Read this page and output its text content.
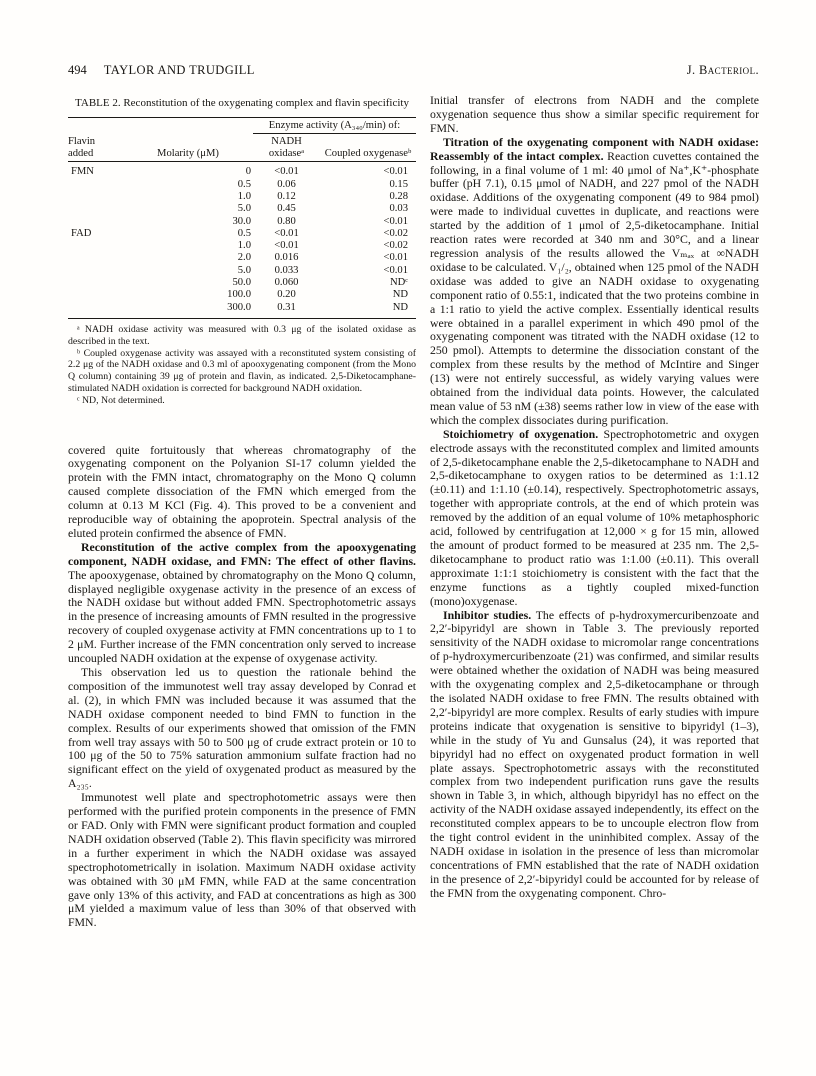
494 TAYLOR AND TRUDGILL	J. Bacteriol.
TABLE 2. Reconstitution of the oxygenating complex and flavin specificity
Flavin added	Molarity (μM)	Enzyme activity (A₃₄₀/min) of:	
		NADH oxidaseᵃ	Coupled oxygenaseᵇ
FMN	0	<0.01	<0.01
	0.5	0.06	0.15
	1.0	0.12	0.28
	5.0	0.45	0.03
	30.0	0.80	<0.01
FAD	0.5	<0.01	<0.02
	1.0	<0.01	<0.02
	2.0	0.016	<0.01
	5.0	0.033	<0.01
	50.0	0.060	NDᶜ
	100.0	0.20	ND
	300.0	0.31	ND

ᵃ NADH oxidase activity was measured with 0.3 μg of the isolated oxidase as described in the text.

ᵇ Coupled oxygenase activity was assayed with a reconstituted system consisting of 2.2 μg of the NADH oxidase and 0.3 ml of apooxygenating component (from the Mono Q column) containing 39 μg of protein and flavin, as indicated. 2,5-Diketocamphane-stimulated NADH oxidation is corrected for background NADH oxidation.

ᶜ ND, Not determined.

covered quite fortuitously that whereas chromatography of the oxygenating component on the Polyanion SI-17 column yielded the protein with the FMN intact, chromatography on the Mono Q column caused complete dissociation of the FMN which emerged from the column at 0.13 M KCl (Fig. 4). This proved to be a convenient and reproducible way of obtaining the apoprotein. Spectral analysis of the eluted protein confirmed the absence of FMN.

Reconstitution of the active complex from the apooxygenating component, NADH oxidase, and FMN: The effect of other flavins. The apooxygenase, obtained by chromatography on the Mono Q column, displayed negligible oxygenase activity in the presence of an excess of the NADH oxidase but without added FMN. Spectrophotometric assays in the presence of increasing amounts of FMN resulted in the progressive recovery of coupled oxygenase activity at FMN concentrations up to 1 to 2 μM. Further increase of the FMN concentration only served to increase uncoupled NADH oxidation at the expense of oxygenase activity.

This observation led us to question the rationale behind the composition of the immunotest well tray assay developed by Conrad et al. (2), in which FMN was included because it was assumed that the NADH oxidase component needed to bind FMN to function in the complex. Results of our experiments showed that omission of the FMN from well tray assays with 50 to 500 μg of crude extract protein or 10 to 100 μg of the 50 to 75% saturation ammonium sulfate fraction had no significant effect on the yield of oxygenated product as measured by the A₂₃₅.

Immunotest well plate and spectrophotometric assays were then performed with the purified protein components in the presence of FMN or FAD. Only with FMN were significant product formation and coupled NADH oxidation observed (Table 2). This flavin specificity was mirrored in a further experiment in which the NADH oxidase was assayed spectrophotometrically in isolation. Maximum NADH oxidase activity was obtained with 30 μM FMN, while FAD at the same concentration gave only 13% of this activity, and FAD at concentrations as high as 300 μM yielded a maximum value of less than 30% of that observed with FMN.

Initial transfer of electrons from NADH and the complete oxygenation sequence thus show a similar specific requirement for FMN.

Titration of the oxygenating component with NADH oxidase: Reassembly of the intact complex. Reaction cuvettes contained the following, in a final volume of 1 ml: 40 μmol of Na⁺,K⁺-phosphate buffer (pH 7.1), 0.15 μmol of NADH, and 227 pmol of the NADH oxidase. Additions of the oxygenating component (49 to 984 pmol) were made to individual cuvettes in duplicate, and reactions were started by the addition of 1 μmol of 2,5-diketocamphane. Initial reaction rates were recorded at 340 nm and 30°C, and a linear regression analysis of the results allowed the Vₘₐₓ at ∞NADH oxidase to be calculated. V₁/₂, obtained when 125 pmol of the NADH oxidase was added to give an NADH oxidase to oxygenating component ratio of 0.55:1, indicated that the two proteins combine in a 1:1 ratio to yield the active complex. Essentially identical results were obtained in a parallel experiment in which 490 pmol of the oxygenating component was titrated with the NADH oxidase (12 to 250 pmol). Attempts to determine the dissociation constant of the complex from these results by the method of McIntire and Singer (13) were not entirely successful, as widely varying values were obtained from the individual data points. However, the calculated mean value of 53 nM (±38) seems rather low in view of the ease with which the complex dissociates during purification.

Stoichiometry of oxygenation. Spectrophotometric and oxygen electrode assays with the reconstituted complex and limited amounts of 2,5-diketocamphane enable the 2,5-diketocamphane to NADH and 2,5-diketocamphane to oxygen ratios to be determined as 1:1.12 (±0.11) and 1:1.10 (±0.14), respectively. Spectrophotometric assays, together with appropriate controls, at the end of which protein was removed by the addition of an equal volume of 10% metaphosphoric acid, followed by centrifugation at 12,000 × g for 15 min, allowed the amount of product formed to be measured at 235 nm. The 2,5-diketocamphane to product ratio was 1:1.00 (±0.11). This overall approximate 1:1:1 stoichiometry is consistent with the fact that the enzyme functions as a tightly coupled mixed-function (mono)oxygenase.

Inhibitor studies. The effects of p-hydroxymercuribenzoate and 2,2′-bipyridyl are shown in Table 3. The previously reported sensitivity of the NADH oxidase to micromolar range concentrations of p-hydroxymercuribenzoate (21) was confirmed, and similar results were obtained whether the oxidation of NADH was being measured with the oxygenating complex and 2,5-diketocamphane or through the isolated NADH oxidase to free FMN. The results obtained with 2,2′-bipyridyl are more complex. Results of early studies with impure proteins indicate that oxygenation is sensitive to bipyridyl (1–3), while in the study of Yu and Gunsalus (24), it was reported that bipyridyl had no effect on oxygenated product formation in well plate assays. Spectrophotometric assays with the reconstituted complex from two independent purification runs gave the results shown in Table 3, in which, although bipyridyl has no effect on the activity of the NADH oxidase assayed independently, its effect on the reconstituted complex appears to be to uncouple electron flow from the tight control evident in the uninhibited complex. Assay of the NADH oxidase in isolation in the presence of less than micromolar concentrations of FMN established that the rate of NADH oxidation in the presence of 2,2′-bipyridyl could be accounted for by release of the FMN from the oxygenating component. Chro-
